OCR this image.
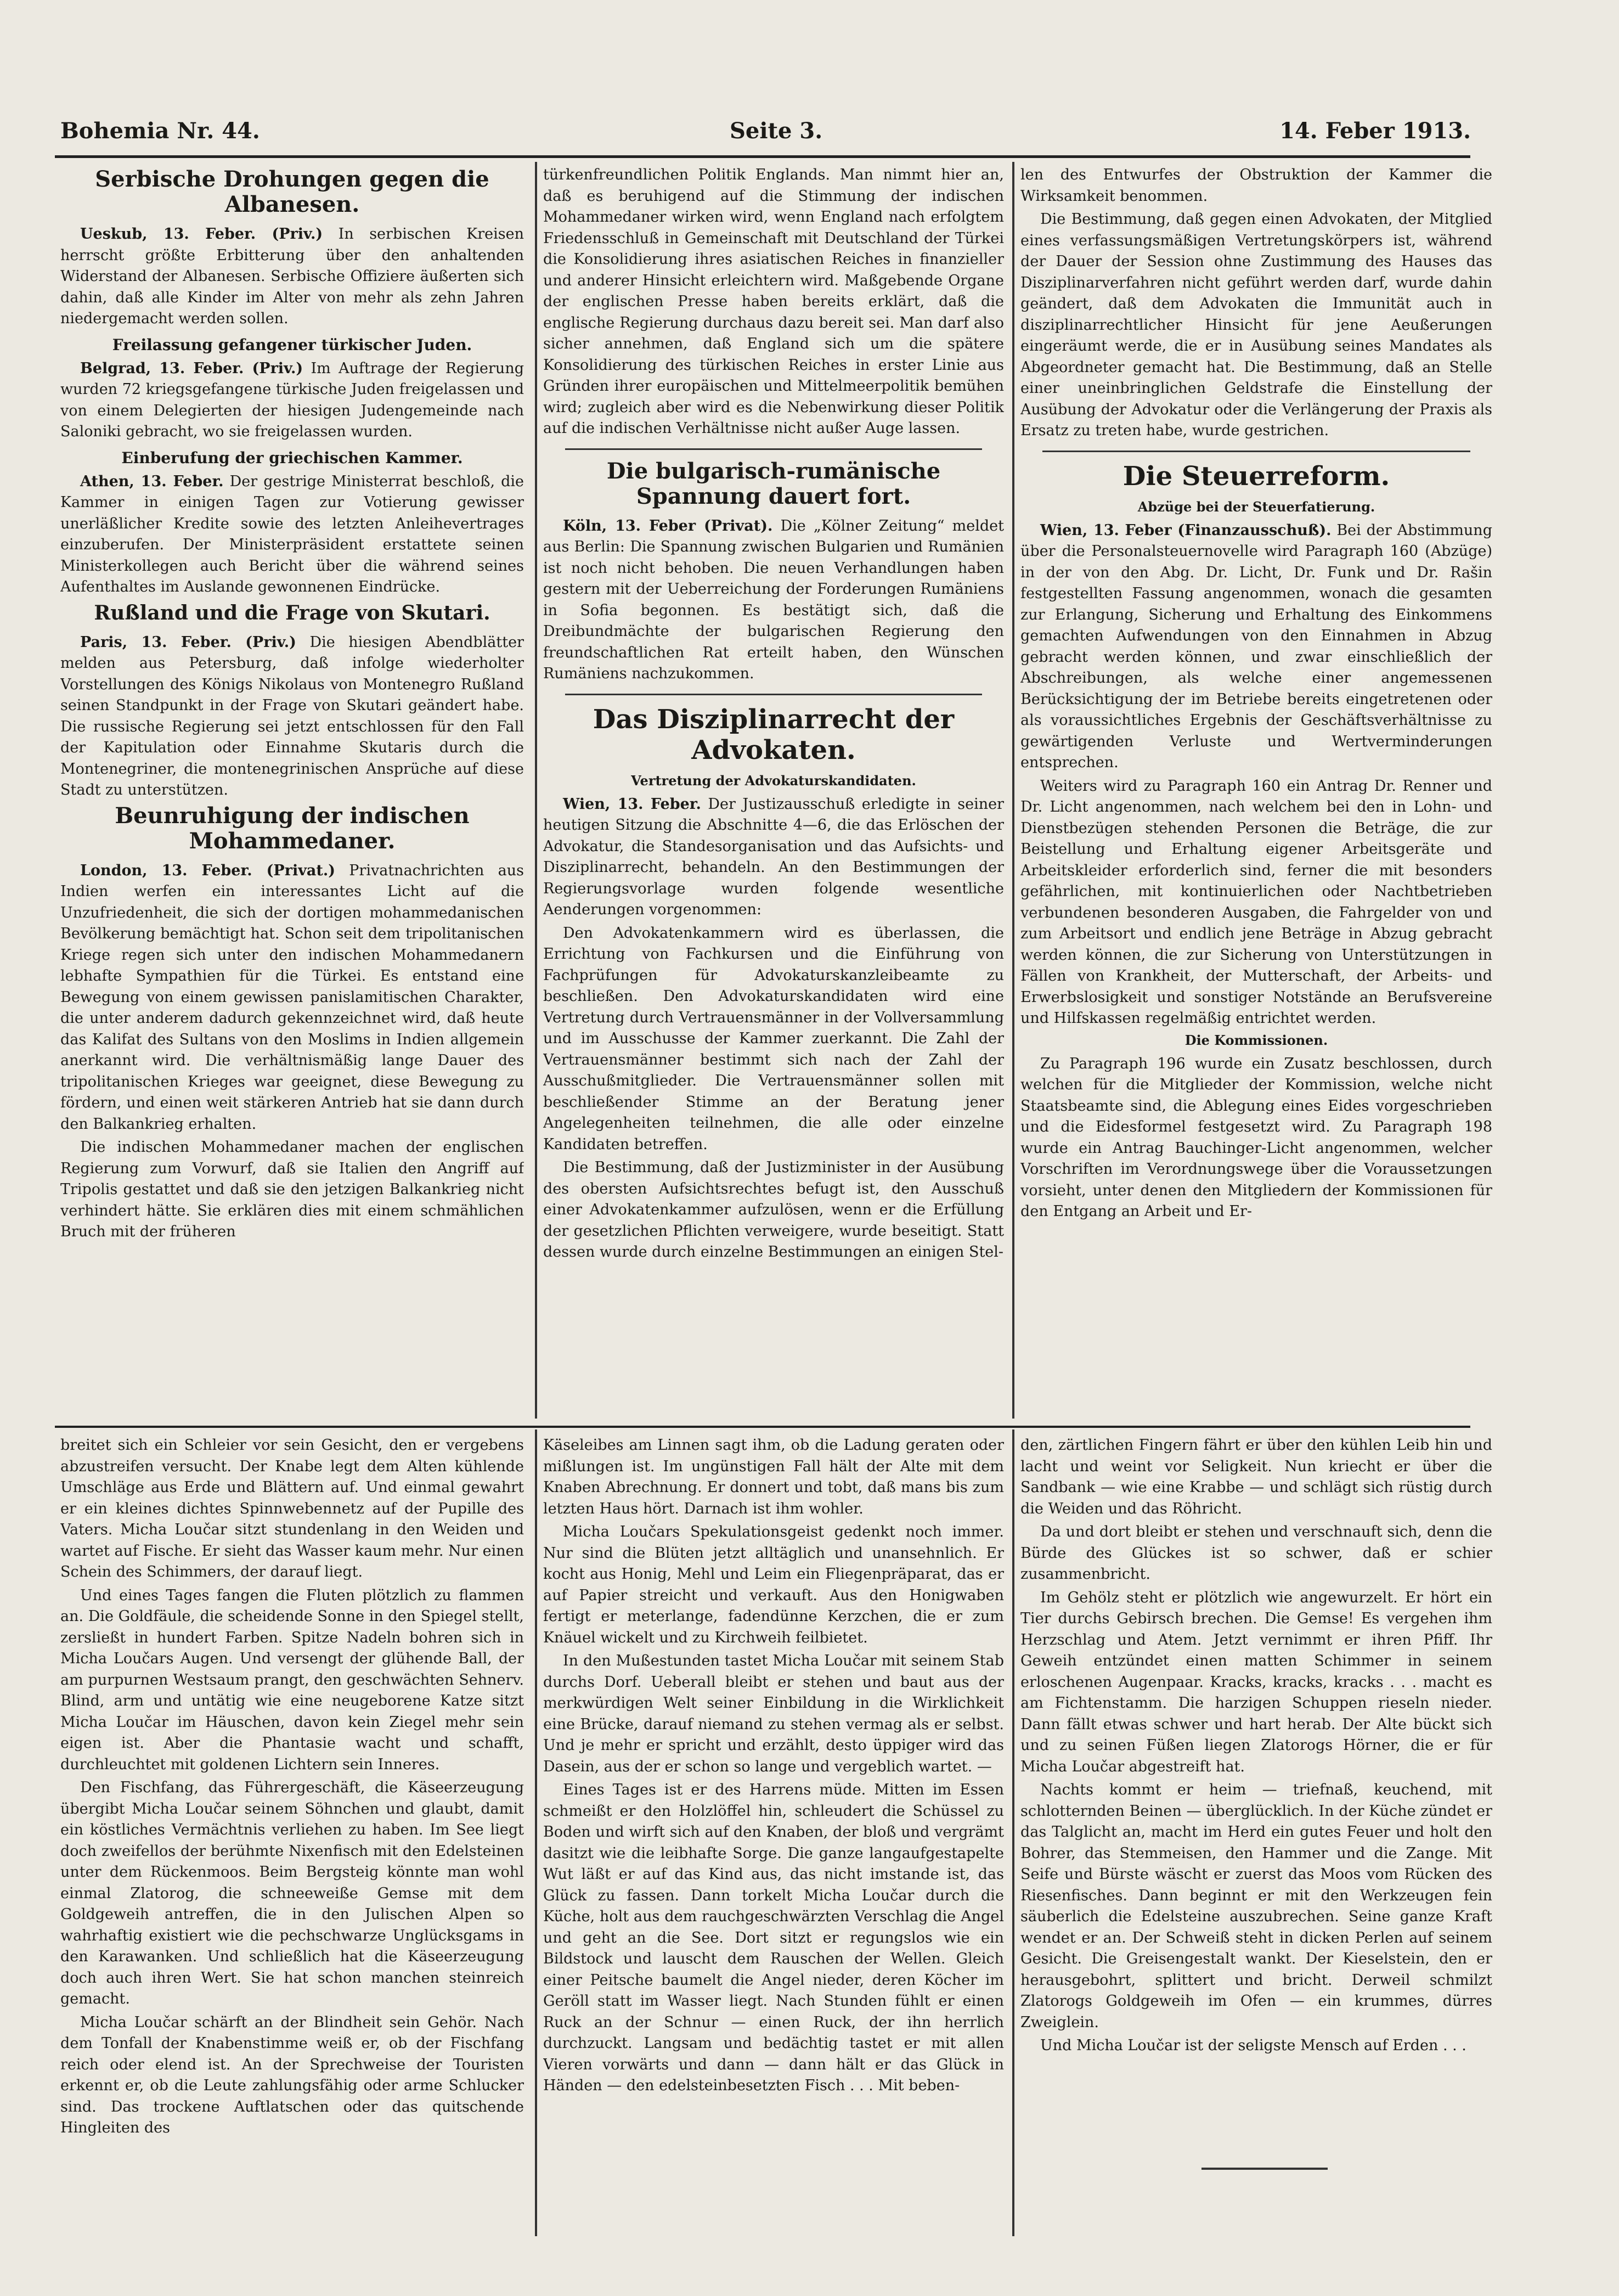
Bohemia Nr. 44.	Seite 3.	14. Feber 1913.
Serbische Drohungen gegen die Albanesen.

Ueskub, 13. Feber. (Priv.) In serbischen Kreisen herrscht größte Erbitterung über den anhaltenden Widerstand der Albanesen. Serbische Offiziere äußerten sich dahin, daß alle Kinder im Alter von mehr als zehn Jahren niedergemacht werden sollen.

Freilassung gefangener türkischer Juden.

Belgrad, 13. Feber. (Priv.) Im Auftrage der Regierung wurden 72 kriegsgefangene türkische Juden freigelassen und von einem Delegierten der hiesigen Judengemeinde nach Saloniki gebracht, wo sie freigelassen wurden.

Einberufung der griechischen Kammer.

Athen, 13. Feber. Der gestrige Ministerrat beschloß, die Kammer in einigen Tagen zur Votierung gewisser unerläßlicher Kredite sowie des letzten Anleihevertrages einzuberufen. Der Ministerpräsident erstattete seinen Ministerkollegen auch Bericht über die während seines Aufenthaltes im Auslande gewonnenen Eindrücke.

Rußland und die Frage von Skutari.

Paris, 13. Feber. (Priv.) Die hiesigen Abendblätter melden aus Petersburg, daß infolge wiederholter Vorstellungen des Königs Nikolaus von Montenegro Rußland seinen Standpunkt in der Frage von Skutari geändert habe. Die russische Regierung sei jetzt entschlossen für den Fall der Kapitulation oder Einnahme Skutaris durch die Montenegriner, die montenegrinischen Ansprüche auf diese Stadt zu unterstützen.

Beunruhigung der indischen Mohammedaner.

London, 13. Feber. (Privat.) Privatnachrichten aus Indien werfen ein interessantes Licht auf die Unzufriedenheit, die sich der dortigen mohammedanischen Bevölkerung bemächtigt hat. Schon seit dem tripolitanischen Kriege regen sich unter den indischen Mohammedanern lebhafte Sympathien für die Türkei. Es entstand eine Bewegung von einem gewissen panislamitischen Charakter, die unter anderem dadurch gekennzeichnet wird, daß heute das Kalifat des Sultans von den Moslims in Indien allgemein anerkannt wird. Die verhältnismäßig lange Dauer des tripolitanischen Krieges war geeignet, diese Bewegung zu fördern, und einen weit stärkeren Antrieb hat sie dann durch den Balkankrieg erhalten.

Die indischen Mohammedaner machen der englischen Regierung zum Vorwurf, daß sie Italien den Angriff auf Tripolis gestattet und daß sie den jetzigen Balkankrieg nicht verhindert hätte. Sie erklären dies mit einem schmählichen Bruch mit der früheren

türkenfreundlichen Politik Englands. Man nimmt hier an, daß es beruhigend auf die Stimmung der indischen Mohammedaner wirken wird, wenn England nach erfolgtem Friedensschluß in Gemeinschaft mit Deutschland der Türkei die Konsolidierung ihres asiatischen Reiches in finanzieller und anderer Hinsicht erleichtern wird. Maßgebende Organe der englischen Presse haben bereits erklärt, daß die englische Regierung durchaus dazu bereit sei. Man darf also sicher annehmen, daß England sich um die spätere Konsolidierung des türkischen Reiches in erster Linie aus Gründen ihrer europäischen und Mittelmeerpolitik bemühen wird; zugleich aber wird es die Nebenwirkung dieser Politik auf die indischen Verhältnisse nicht außer Auge lassen.

Die bulgarisch-rumänische Spannung dauert fort.

Köln, 13. Feber (Privat). Die „Kölner Zeitung“ meldet aus Berlin: Die Spannung zwischen Bulgarien und Rumänien ist noch nicht behoben. Die neuen Verhandlungen haben gestern mit der Ueberreichung der Forderungen Rumäniens in Sofia begonnen. Es bestätigt sich, daß die Dreibundmächte der bulgarischen Regierung den freundschaftlichen Rat erteilt haben, den Wünschen Rumäniens nachzukommen.

Das Disziplinarrecht der Advokaten.
Vertretung der Advokaturskandidaten.

Wien, 13. Feber. Der Justizausschuß erledigte in seiner heutigen Sitzung die Abschnitte 4—6, die das Erlöschen der Advokatur, die Standesorganisation und das Aufsichts- und Disziplinarrecht, behandeln. An den Bestimmungen der Regierungsvorlage wurden folgende wesentliche Aenderungen vorgenommen:

Den Advokatenkammern wird es überlassen, die Errichtung von Fachkursen und die Einführung von Fachprüfungen für Advokaturskanzleibeamte zu beschließen. Den Advokaturskandidaten wird eine Vertretung durch Vertrauensmänner in der Vollversammlung und im Ausschusse der Kammer zuerkannt. Die Zahl der Vertrauensmänner bestimmt sich nach der Zahl der Ausschußmitglieder. Die Vertrauensmänner sollen mit beschließender Stimme an der Beratung jener Angelegenheiten teilnehmen, die alle oder einzelne Kandidaten betreffen.

Die Bestimmung, daß der Justizminister in der Ausübung des obersten Aufsichtsrechtes befugt ist, den Ausschuß einer Advokatenkammer aufzulösen, wenn er die Erfüllung der gesetzlichen Pflichten verweigere, wurde beseitigt. Statt dessen wurde durch einzelne Bestimmungen an einigen Stel-

len des Entwurfes der Obstruktion der Kammer die Wirksamkeit benommen.

Die Bestimmung, daß gegen einen Advokaten, der Mitglied eines verfassungsmäßigen Vertretungskörpers ist, während der Dauer der Session ohne Zustimmung des Hauses das Disziplinarverfahren nicht geführt werden darf, wurde dahin geändert, daß dem Advokaten die Immunität auch in disziplinarrechtlicher Hinsicht für jene Aeußerungen eingeräumt werde, die er in Ausübung seines Mandates als Abgeordneter gemacht hat. Die Bestimmung, daß an Stelle einer uneinbringlichen Geldstrafe die Einstellung der Ausübung der Advokatur oder die Verlängerung der Praxis als Ersatz zu treten habe, wurde gestrichen.

Die Steuerreform.
Abzüge bei der Steuerfatierung.

Wien, 13. Feber (Finanzausschuß). Bei der Abstimmung über die Personalsteuernovelle wird Paragraph 160 (Abzüge) in der von den Abg. Dr. Licht, Dr. Funk und Dr. Rašin festgestellten Fassung angenommen, wonach die gesamten zur Erlangung, Sicherung und Erhaltung des Einkommens gemachten Aufwendungen von den Einnahmen in Abzug gebracht werden können, und zwar einschließlich der Abschreibungen, als welche einer angemessenen Berücksichtigung der im Betriebe bereits eingetretenen oder als voraussichtliches Ergebnis der Geschäftsverhältnisse zu gewärtigenden Verluste und Wertverminderungen entsprechen.

Weiters wird zu Paragraph 160 ein Antrag Dr. Renner und Dr. Licht angenommen, nach welchem bei den in Lohn- und Dienstbezügen stehenden Personen die Beträge, die zur Beistellung und Erhaltung eigener Arbeitsgeräte und Arbeitskleider erforderlich sind, ferner die mit besonders gefährlichen, mit kontinuierlichen oder Nachtbetrieben verbundenen besonderen Ausgaben, die Fahrgelder von und zum Arbeitsort und endlich jene Beträge in Abzug gebracht werden können, die zur Sicherung von Unterstützungen in Fällen von Krankheit, der Mutterschaft, der Arbeits- und Erwerbslosigkeit und sonstiger Notstände an Berufsvereine und Hilfskassen regelmäßig entrichtet werden.

Die Kommissionen.

Zu Paragraph 196 wurde ein Zusatz beschlossen, durch welchen für die Mitglieder der Kommission, welche nicht Staatsbeamte sind, die Ablegung eines Eides vorgeschrieben und die Eidesformel festgesetzt wird. Zu Paragraph 198 wurde ein Antrag Bauchinger-Licht angenommen, welcher Vorschriften im Verordnungswege über die Voraussetzungen vorsieht, unter denen den Mitgliedern der Kommissionen für den Entgang an Arbeit und Er-

breitet sich ein Schleier vor sein Gesicht, den er vergebens abzustreifen versucht. Der Knabe legt dem Alten kühlende Umschläge aus Erde und Blättern auf. Und einmal gewahrt er ein kleines dichtes Spinnwebennetz auf der Pupille des Vaters. Micha Loučar sitzt stundenlang in den Weiden und wartet auf Fische. Er sieht das Wasser kaum mehr. Nur einen Schein des Schimmers, der darauf liegt.

Und eines Tages fangen die Fluten plötzlich zu flammen an. Die Goldfäule, die scheidende Sonne in den Spiegel stellt, zersließt in hundert Farben. Spitze Nadeln bohren sich in Micha Loučars Augen. Und versengt der glühende Ball, der am purpurnen Westsaum prangt, den geschwächten Sehnerv. Blind, arm und untätig wie eine neugeborene Katze sitzt Micha Loučar im Häuschen, davon kein Ziegel mehr sein eigen ist. Aber die Phantasie wacht und schafft, durchleuchtet mit goldenen Lichtern sein Inneres.

Den Fischfang, das Führergeschäft, die Käseerzeugung übergibt Micha Loučar seinem Söhnchen und glaubt, damit ein köstliches Vermächtnis verliehen zu haben. Im See liegt doch zweifellos der berühmte Nixenfisch mit den Edelsteinen unter dem Rückenmoos. Beim Bergsteig könnte man wohl einmal Zlatorog, die schneeweiße Gemse mit dem Goldgeweih antreffen, die in den Julischen Alpen so wahrhaftig existiert wie die pechschwarze Unglücksgams in den Karawanken. Und schließlich hat die Käseerzeugung doch auch ihren Wert. Sie hat schon manchen steinreich gemacht.

Micha Loučar schärft an der Blindheit sein Gehör. Nach dem Tonfall der Knabenstimme weiß er, ob der Fischfang reich oder elend ist. An der Sprechweise der Touristen erkennt er, ob die Leute zahlungsfähig oder arme Schlucker sind. Das trockene Auftlatschen oder das quitschende Hingleiten des

Käseleibes am Linnen sagt ihm, ob die Ladung geraten oder mißlungen ist. Im ungünstigen Fall hält der Alte mit dem Knaben Abrechnung. Er donnert und tobt, daß mans bis zum letzten Haus hört. Darnach ist ihm wohler.

Micha Loučars Spekulationsgeist gedenkt noch immer. Nur sind die Blüten jetzt alltäglich und unansehnlich. Er kocht aus Honig, Mehl und Leim ein Fliegenpräparat, das er auf Papier streicht und verkauft. Aus den Honigwaben fertigt er meterlange, fadendünne Kerzchen, die er zum Knäuel wickelt und zu Kirchweih feilbietet.

In den Mußestunden tastet Micha Loučar mit seinem Stab durchs Dorf. Ueberall bleibt er stehen und baut aus der merkwürdigen Welt seiner Einbildung in die Wirklichkeit eine Brücke, darauf niemand zu stehen vermag als er selbst. Und je mehr er spricht und erzählt, desto üppiger wird das Dasein, aus der er schon so lange und vergeblich wartet. —

Eines Tages ist er des Harrens müde. Mitten im Essen schmeißt er den Holzlöffel hin, schleudert die Schüssel zu Boden und wirft sich auf den Knaben, der bloß und vergrämt dasitzt wie die leibhafte Sorge. Die ganze langaufgestapelte Wut läßt er auf das Kind aus, das nicht imstande ist, das Glück zu fassen. Dann torkelt Micha Loučar durch die Küche, holt aus dem rauchgeschwärzten Verschlag die Angel und geht an die See. Dort sitzt er regungslos wie ein Bildstock und lauscht dem Rauschen der Wellen. Gleich einer Peitsche baumelt die Angel nieder, deren Köcher im Geröll statt im Wasser liegt. Nach Stunden fühlt er einen Ruck an der Schnur — einen Ruck, der ihn herrlich durchzuckt. Langsam und bedächtig tastet er mit allen Vieren vorwärts und dann — dann hält er das Glück in Händen — den edelsteinbesetzten Fisch . . . Mit beben-

den, zärtlichen Fingern fährt er über den kühlen Leib hin und lacht und weint vor Seligkeit. Nun kriecht er über die Sandbank — wie eine Krabbe — und schlägt sich rüstig durch die Weiden und das Röhricht.

Da und dort bleibt er stehen und verschnauft sich, denn die Bürde des Glückes ist so schwer, daß er schier zusammenbricht.

Im Gehölz steht er plötzlich wie angewurzelt. Er hört ein Tier durchs Gebirsch brechen. Die Gemse! Es vergehen ihm Herzschlag und Atem. Jetzt vernimmt er ihren Pfiff. Ihr Geweih entzündet einen matten Schimmer in seinem erloschenen Augenpaar. Kracks, kracks, kracks . . . macht es am Fichtenstamm. Die harzigen Schuppen rieseln nieder. Dann fällt etwas schwer und hart herab. Der Alte bückt sich und zu seinen Füßen liegen Zlatorogs Hörner, die er für Micha Loučar abgestreift hat.

Nachts kommt er heim — triefnaß, keuchend, mit schlotternden Beinen — überglücklich. In der Küche zündet er das Talglicht an, macht im Herd ein gutes Feuer und holt den Bohrer, das Stemmeisen, den Hammer und die Zange. Mit Seife und Bürste wäscht er zuerst das Moos vom Rücken des Riesenfisches. Dann beginnt er mit den Werkzeugen fein säuberlich die Edelsteine auszubrechen. Seine ganze Kraft wendet er an. Der Schweiß steht in dicken Perlen auf seinem Gesicht. Die Greisengestalt wankt. Der Kieselstein, den er herausgebohrt, splittert und bricht. Derweil schmilzt Zlatorogs Goldgeweih im Ofen — ein krummes, dürres Zweiglein.

Und Micha Loučar ist der seligste Mensch auf Erden . . .
